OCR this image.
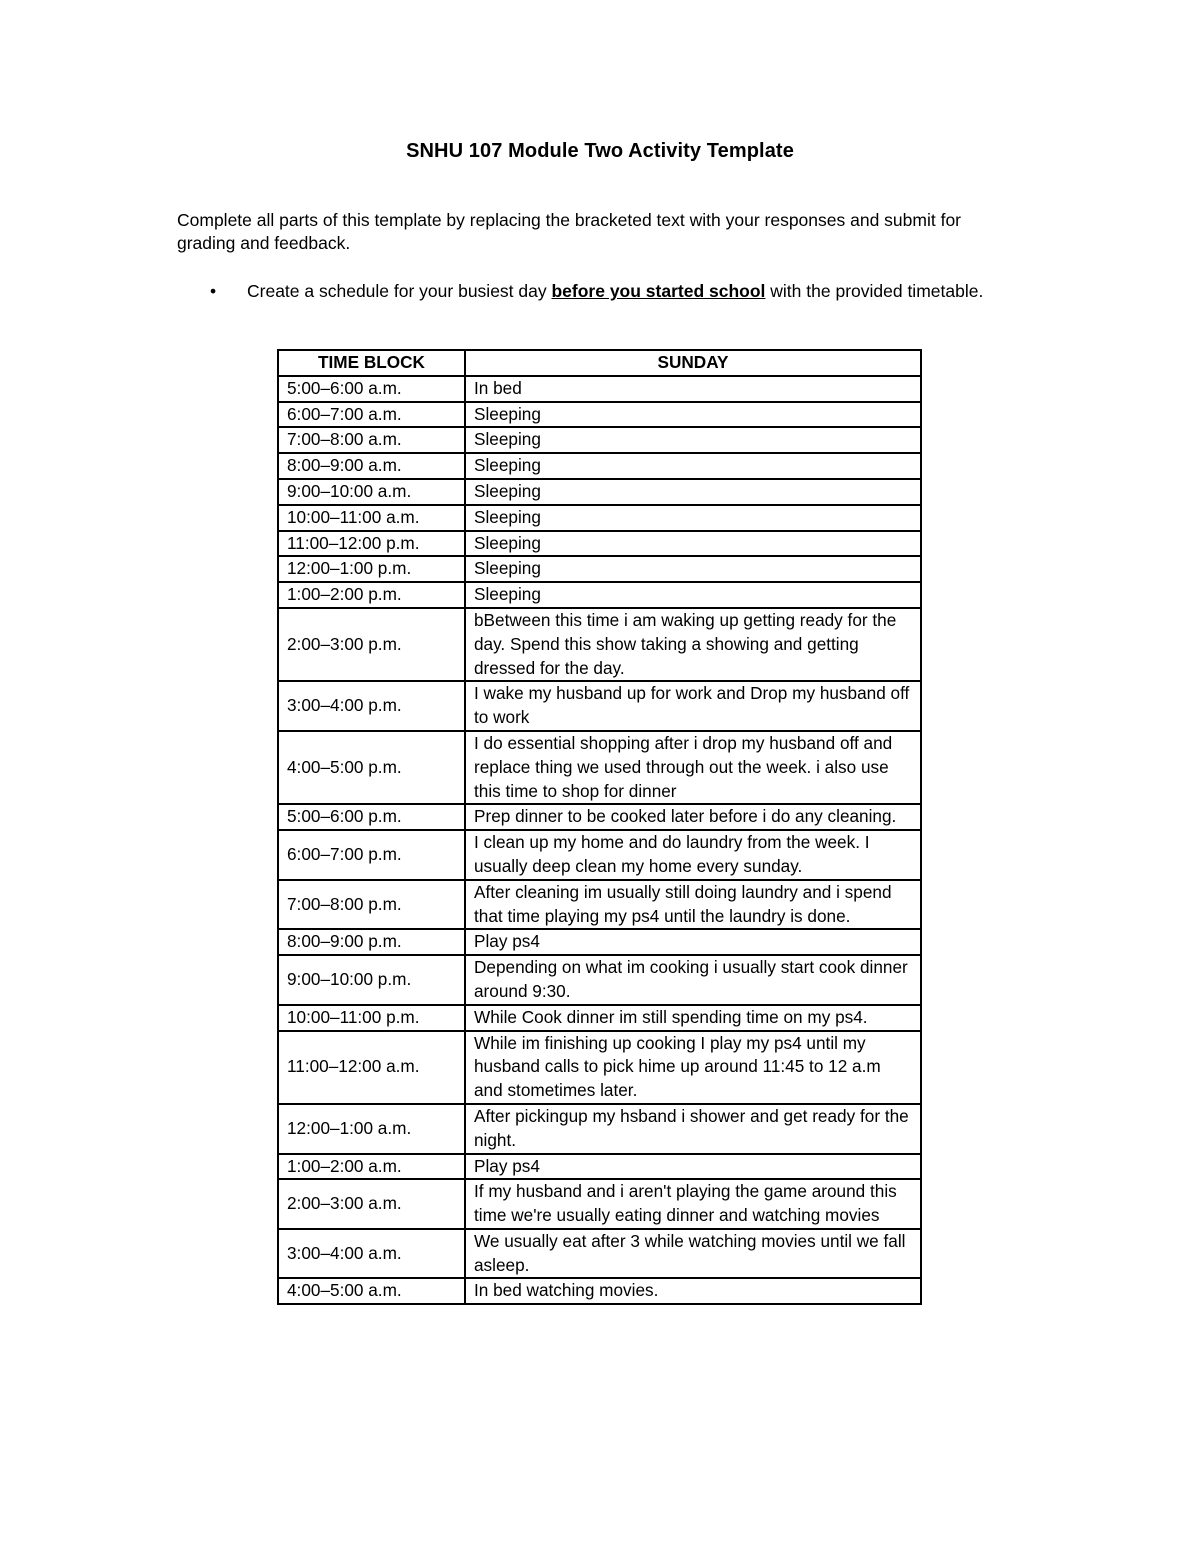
SNHU 107 Module Two Activity Template
Complete all parts of this template by replacing the bracketed text with your responses and submit for grading and feedback.
•	Create a schedule for your busiest day before you started school with the provided timetable.
TIME BLOCK	SUNDAY
5:00–6:00 a.m.	In bed
6:00–7:00 a.m.	Sleeping
7:00–8:00 a.m.	Sleeping
8:00–9:00 a.m.	Sleeping
9:00–10:00 a.m.	Sleeping
10:00–11:00 a.m.	Sleeping
11:00–12:00 p.m.	Sleeping
12:00–1:00 p.m.	Sleeping
1:00–2:00 p.m.	Sleeping
2:00–3:00 p.m.	bBetween this time i am waking up getting ready for the day. Spend this show taking a showing and getting dressed for the day.
3:00–4:00 p.m.	I wake my husband up for work and Drop my husband off to work
4:00–5:00 p.m.	I do essential shopping after i drop my husband off and replace thing we used through out the week. i also use this time to shop for dinner
5:00–6:00 p.m.	Prep dinner to be cooked later before i do any cleaning.
6:00–7:00 p.m.	I clean up my home and do laundry from the week. I usually deep clean my home every sunday.
7:00–8:00 p.m.	After cleaning im usually still doing laundry and i spend that time playing my ps4 until the laundry is done.
8:00–9:00 p.m.	Play ps4
9:00–10:00 p.m.	Depending on what im cooking i usually start cook dinner around 9:30.
10:00–11:00 p.m.	While Cook dinner im still spending time on my ps4.
11:00–12:00 a.m.	While im finishing up cooking I play my ps4 until my husband calls to pick hime up around 11:45 to 12 a.m and stometimes later.
12:00–1:00 a.m.	After pickingup my hsband i shower and get ready for the night.
1:00–2:00 a.m.	Play ps4
2:00–3:00 a.m.	If my husband and i aren't playing the game around this time we're usually eating dinner and watching movies
3:00–4:00 a.m.	We usually eat after 3 while watching movies until we fall asleep.
4:00–5:00 a.m.	In bed watching movies.
